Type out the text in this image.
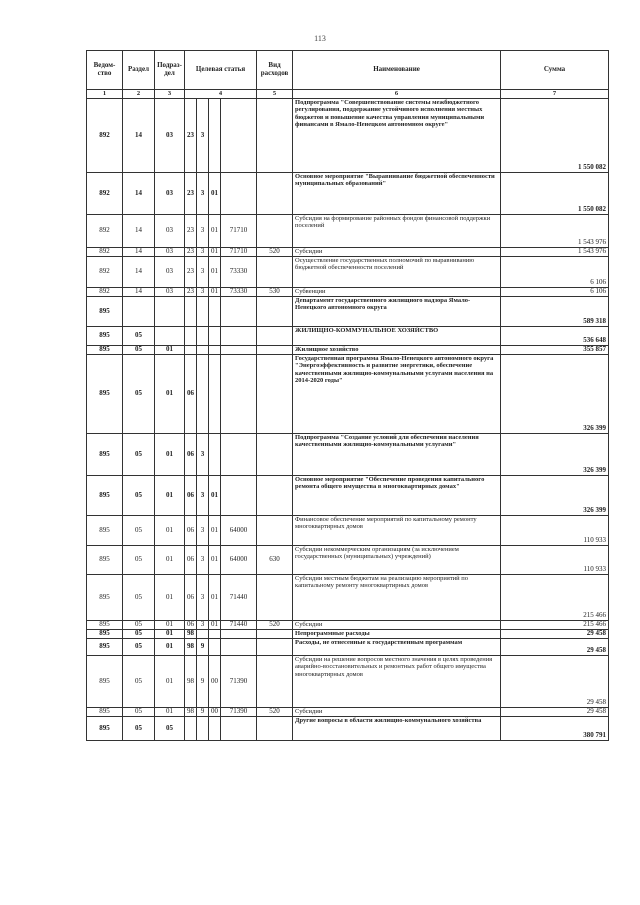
113
Ведом-ство	Раздел	Подраз-дел	Целевая статья				Вид расходов	Наименование	Сумма
1	2	3	4				5	6	7
892	14	03	23	3				Подпрограмма "Совершенствование системы межбюджетного регулирования, поддержание устойчивого исполнения местных бюджетов и повышение качества управления муниципальными финансами в Ямало-Ненецком автономном округе"	1 550 082
892	14	03	23	3	01			Основное мероприятие "Выравнивание бюджетной обеспеченности муниципальных образований"	1 550 082
892	14	03	23	3	01	71710		Субсидия на формирование районных фондов финансовой поддержки поселений	1 543 976
892	14	03	23	3	01	71710	520	Субсидии	1 543 976
892	14	03	23	3	01	73330		Осуществление государственных полномочий по выравниванию бюджетной обеспеченности поселений	6 106
892	14	03	23	3	01	73330	530	Субвенции	6 106
895								Департамент государственного жилищного надзора Ямало-Ненецкого автономного округа	589 318
895	05							ЖИЛИЩНО-КОММУНАЛЬНОЕ ХОЗЯЙСТВО	536 648
895	05	01						Жилищное хозяйство	355 857
895	05	01	06					Государственная программа Ямало-Ненецкого автономного округа "Энергоэффективность и развитие энергетики, обеспечение качественными жилищно-коммунальными услугами населения на 2014-2020 годы"	326 399
895	05	01	06	3				Подпрограмма "Создание условий для обеспечения населения качественными жилищно-коммунальными услугами"	326 399
895	05	01	06	3	01			Основное мероприятие "Обеспечение проведения капитального ремонта общего имущества в многоквартирных домах"	326 399
895	05	01	06	3	01	64000		Финансовое обеспечение мероприятий по капитальному ремонту многоквартирных домов	110 933
895	05	01	06	3	01	64000	630	Субсидии некоммерческим организациям (за исключением государственных (муниципальных) учреждений)	110 933
895	05	01	06	3	01	71440		Субсидии местным бюджетам на реализацию мероприятий по капитальному ремонту многоквартирных домов	215 466
895	05	01	06	3	01	71440	520	Субсидии	215 466
895	05	01	98					Непрограммные расходы	29 458
895	05	01	98	9				Расходы, не отнесенные к государственным программам	29 458
895	05	01	98	9	00	71390		Субсидии на решение вопросов местного значения в целях проведения аварийно-восстановительных и ремонтных работ общего имущества многоквартирных домов	29 458
895	05	01	98	9	00	71390	520	Субсидии	29 458
895	05	05						Другие вопросы в области жилищно-коммунального хозяйства	380 791
